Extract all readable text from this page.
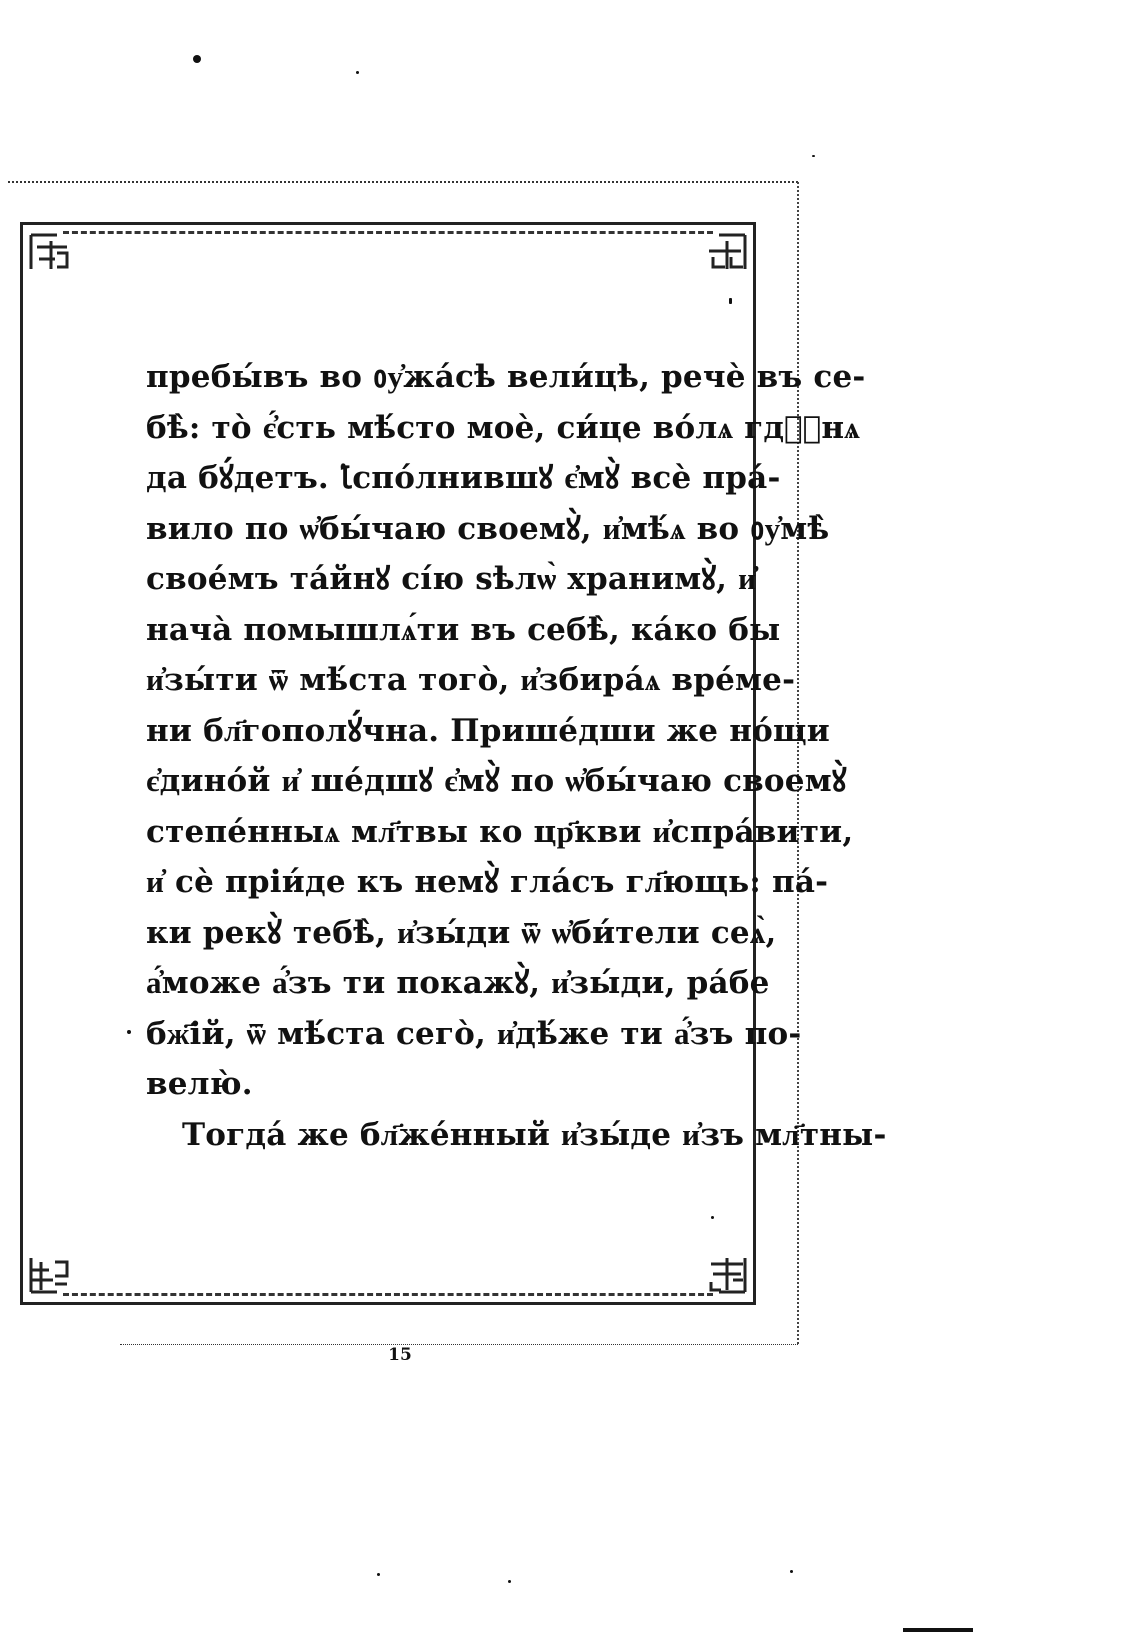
пребы́въ во ᲂу҆жа́сѣ вели́цѣ, речѐ въ се-
бѣ̀: то̀ є҆́сть мѣ́сто моѐ, си́це во́лѧ гдⷭ҇нѧ
да бꙋ́детъ. Ꙇ҆спо́лнившꙋ є҆мꙋ̀ всѐ пра́-
вило по ѡ҆бы́чаю своемꙋ̀, и҆мѣ́ѧ во ᲂу҆мѣ̀
свое́мъ та́йнꙋ сі́ю ѕѣлѡ̀ хранимꙋ̀, и҆
нача̀ помышлѧ́ти въ себѣ̀, ка́ко бы
и҆зы́ти ѿ мѣ́ста того̀, и҆збира́ѧ вре́ме-
ни бл҃гополꙋ́чна. Прише́дши же но́щи
є҆дино́й и҆ ше́дшꙋ є҆мꙋ̀ по ѡ҆бы́чаю своемꙋ̀
степе́нныѧ мл҃твы ко цр҃кви и҆спра́вити,
и҆ сѐ пріи́де къ немꙋ̀ гла́съ гл҃ющь: па́-
ки рекꙋ̀ тебѣ̀, и҆зы́ди ѿ ѡ҆би́тели сеѧ̀,
а҆́може а҆́зъ ти покажꙋ̀, и҆зы́ди, ра́бе
бж҃ій, ѿ мѣ́ста сего̀, и҆дѣ́же ти а҆́зъ по-
велю̀.
Тогда́ же бл҃же́нный и҆зы́де и҆зъ мл҃тны-
15
